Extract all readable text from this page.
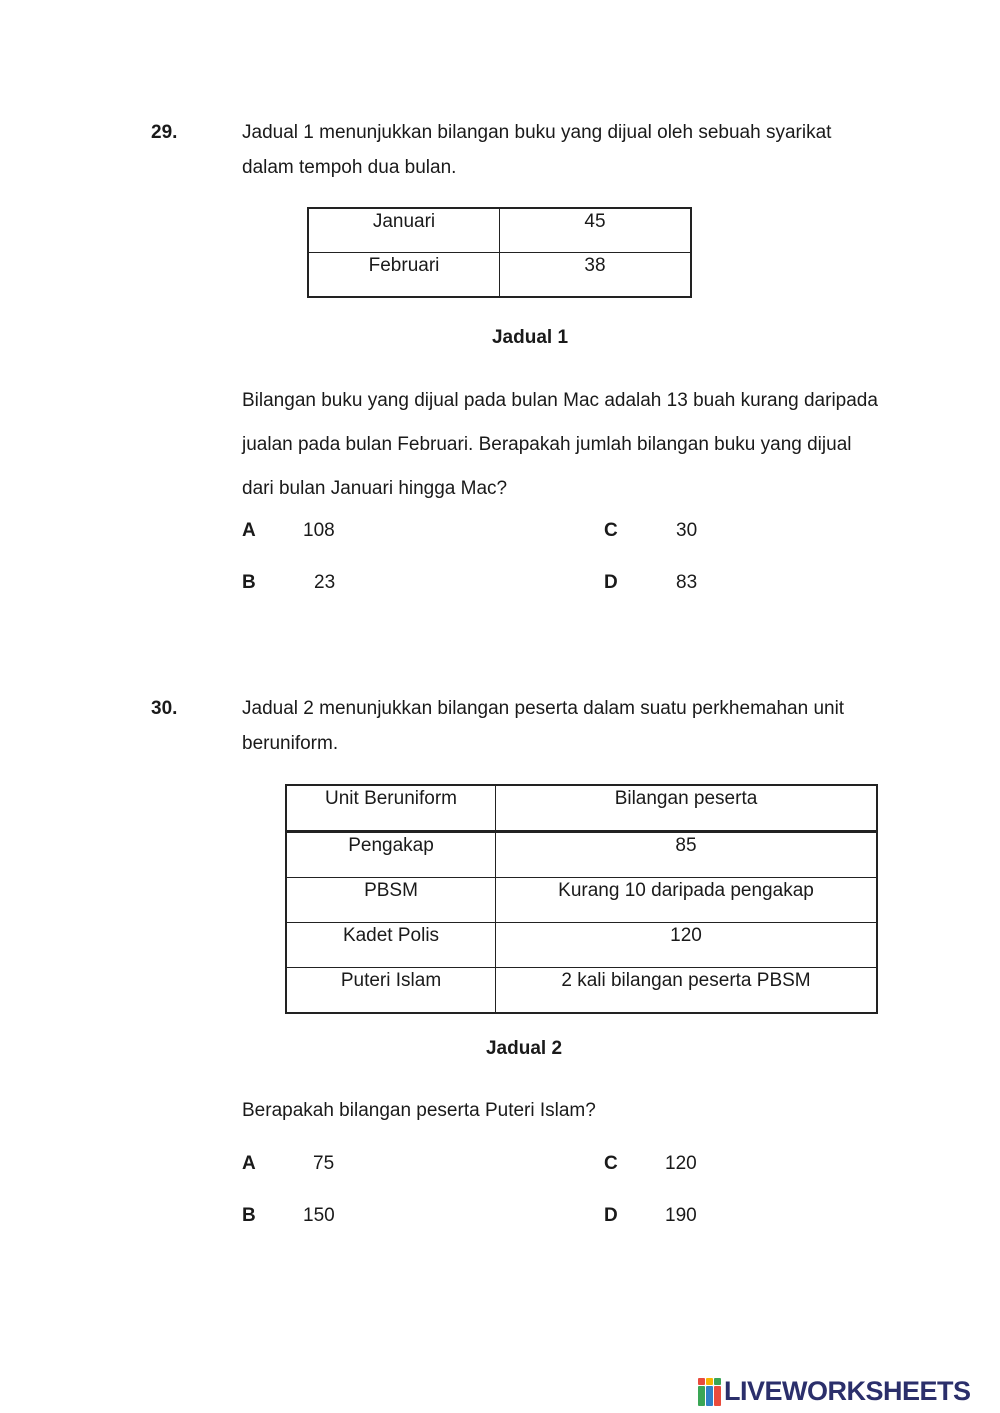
29.	Jadual 1 menunjukkan bilangan buku yang dijual oleh sebuah syarikat dalam tempoh dua bulan.
Januari	45
Februari	38
Jadual 1
Bilangan buku yang dijual pada bulan Mac adalah 13 buah kurang daripada jualan pada bulan Februari. Berapakah jumlah bilangan buku yang dijual dari bulan Januari hingga Mac?
A 108
B	23
C	30
D	83
30.	Jadual 2 menunjukkan bilangan peserta dalam suatu perkhemahan unit beruniform.
Unit Beruniform	Bilangan peserta
Pengakap	85
PBSM	Kurang 10 daripada pengakap
Kadet Polis	120
Puteri Islam	2 kali bilangan peserta PBSM
Jadual 2
Berapakah bilangan peserta Puteri Islam?
A	75
B 150
C 120
D 190
LIVEWORKSHEETS
